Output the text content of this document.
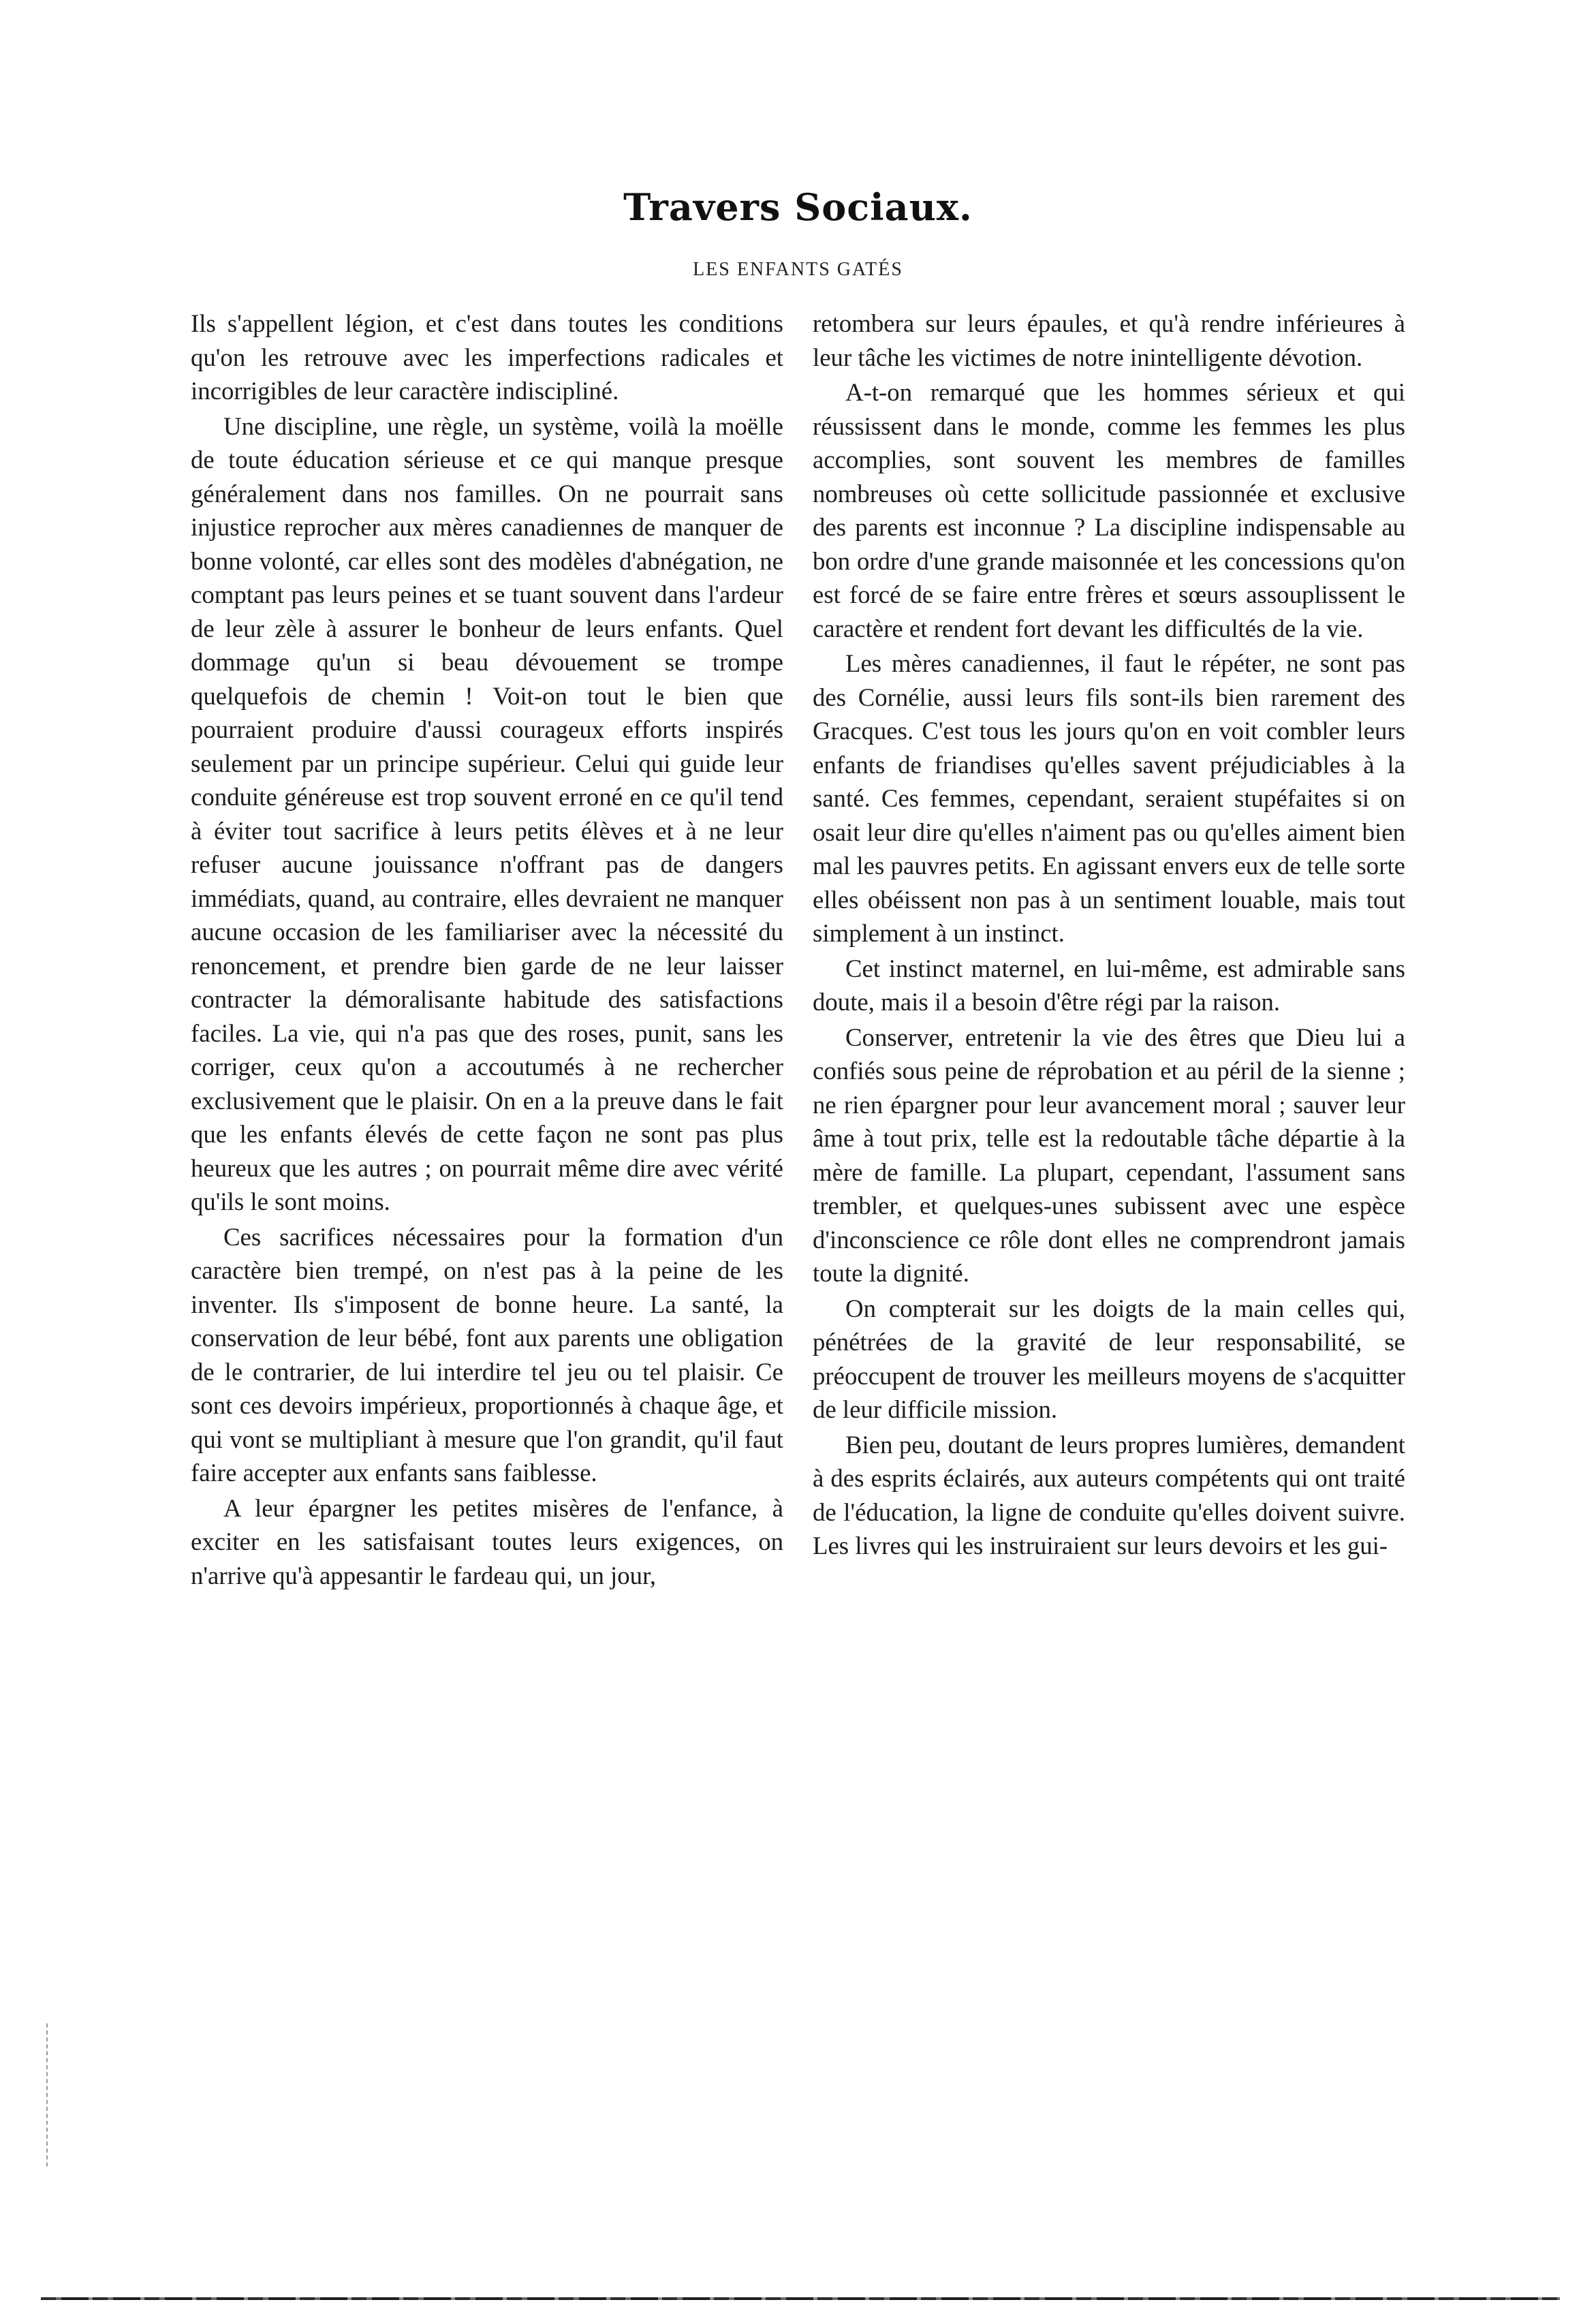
Travers Sociaux.
LES ENFANTS GATÉS

Ils s'appellent légion, et c'est dans toutes les conditions qu'on les retrouve avec les imperfections radicales et incorrigibles de leur caractère indiscipliné.

Une discipline, une règle, un système, voilà la moëlle de toute éducation sérieuse et ce qui manque presque généralement dans nos familles. On ne pourrait sans injustice reprocher aux mères canadiennes de manquer de bonne volonté, car elles sont des modèles d'abnégation, ne comptant pas leurs peines et se tuant souvent dans l'ardeur de leur zèle à assurer le bonheur de leurs enfants. Quel dommage qu'un si beau dévouement se trompe quelquefois de chemin ! Voit-on tout le bien que pourraient produire d'aussi courageux efforts inspirés seulement par un principe supérieur. Celui qui guide leur conduite généreuse est trop souvent erroné en ce qu'il tend à éviter tout sacrifice à leurs petits élèves et à ne leur refuser aucune jouissance n'offrant pas de dangers immédiats, quand, au contraire, elles devraient ne manquer aucune occasion de les familiariser avec la nécessité du renoncement, et prendre bien garde de ne leur laisser contracter la démoralisante habitude des satisfactions faciles. La vie, qui n'a pas que des roses, punit, sans les corriger, ceux qu'on a accoutumés à ne rechercher exclusivement que le plaisir. On en a la preuve dans le fait que les enfants élevés de cette façon ne sont pas plus heureux que les autres ; on pourrait même dire avec vérité qu'ils le sont moins.

Ces sacrifices nécessaires pour la formation d'un caractère bien trempé, on n'est pas à la peine de les inventer. Ils s'imposent de bonne heure. La santé, la conservation de leur bébé, font aux parents une obligation de le contrarier, de lui interdire tel jeu ou tel plaisir. Ce sont ces devoirs impérieux, proportionnés à chaque âge, et qui vont se multipliant à mesure que l'on grandit, qu'il faut faire accepter aux enfants sans faiblesse.

A leur épargner les petites misères de l'enfance, à exciter en les satisfaisant toutes leurs exigences, on n'arrive qu'à appesantir le fardeau qui, un jour,

retombera sur leurs épaules, et qu'à rendre inférieures à leur tâche les victimes de notre inintelligente dévotion.

A-t-on remarqué que les hommes sérieux et qui réussissent dans le monde, comme les femmes les plus accomplies, sont souvent les membres de familles nombreuses où cette sollicitude passionnée et exclusive des parents est inconnue ? La discipline indispensable au bon ordre d'une grande maisonnée et les concessions qu'on est forcé de se faire entre frères et sœurs assouplissent le caractère et rendent fort devant les difficultés de la vie.

Les mères canadiennes, il faut le répéter, ne sont pas des Cornélie, aussi leurs fils sont-ils bien rarement des Gracques. C'est tous les jours qu'on en voit combler leurs enfants de friandises qu'elles savent préjudiciables à la santé. Ces femmes, cependant, seraient stupéfaites si on osait leur dire qu'elles n'aiment pas ou qu'elles aiment bien mal les pauvres petits. En agissant envers eux de telle sorte elles obéissent non pas à un sentiment louable, mais tout simplement à un instinct.

Cet instinct maternel, en lui-même, est admirable sans doute, mais il a besoin d'être régi par la raison.

Conserver, entretenir la vie des êtres que Dieu lui a confiés sous peine de réprobation et au péril de la sienne ; ne rien épargner pour leur avancement moral ; sauver leur âme à tout prix, telle est la redoutable tâche départie à la mère de famille. La plupart, cependant, l'assument sans trembler, et quelques-unes subissent avec une espèce d'inconscience ce rôle dont elles ne comprendront jamais toute la dignité.

On compterait sur les doigts de la main celles qui, pénétrées de la gravité de leur responsabilité, se préoccupent de trouver les meilleurs moyens de s'acquitter de leur difficile mission.

Bien peu, doutant de leurs propres lumières, demandent à des esprits éclairés, aux auteurs compétents qui ont traité de l'éducation, la ligne de conduite qu'elles doivent suivre. Les livres qui les instruiraient sur leurs devoirs et les gui-
